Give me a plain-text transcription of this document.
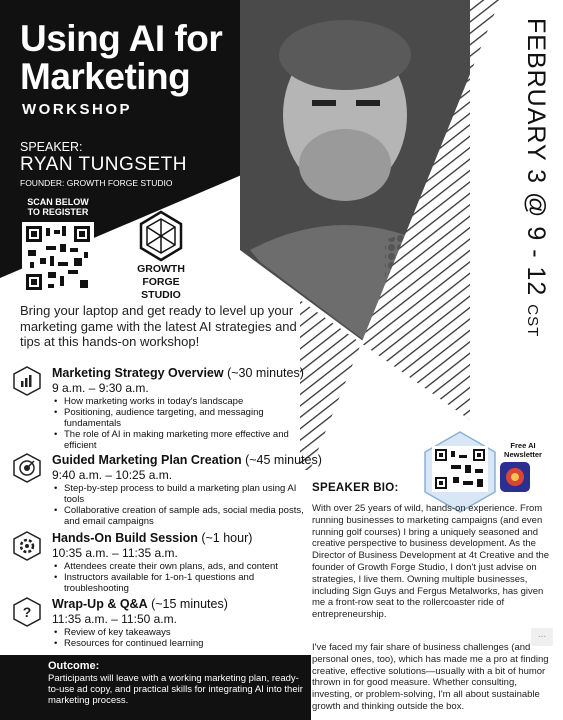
Using AI for
Marketing
WORKSHOP
SPEAKER:
RYAN TUNGSETH
FOUNDER: GROWTH FORGE STUDIO
SCAN BELOW TO REGISTER
GROWTH
FORGE
STUDIO
Bring your laptop and get ready to level up your marketing game with the latest AI strategies and tips at this hands-on workshop!
Marketing Strategy Overview (~30 minutes)
9 a.m. – 9:30 a.m.
• How marketing works in today's landscape
• Positioning, audience targeting, and messaging fundamentals
• The role of AI in making marketing more effective and efficient
Guided Marketing Plan Creation (~45 minutes)
9:40 a.m. – 10:25 a.m.
• Step-by-step process to build a marketing plan using AI tools
• Collaborative creation of sample ads, social media posts, and email campaigns
Hands-On Build Session (~1 hour)
10:35 a.m. – 11:35 a.m.
• Attendees create their own plans, ads, and content
• Instructors available for 1-on-1 questions and troubleshooting
? Wrap-Up & Q&A (~15 minutes)
11:35 a.m. – 11:50 a.m.
• Review of key takeaways
• Resources for continued learning
Outcome:
Participants will leave with a working marketing plan, ready-to-use ad copy, and practical skills for integrating AI into their marketing process.
FEBRUARY 3 @ 9 - 12 CST
Free AI Newsletter
SPEAKER BIO:
With over 25 years of wild, hands-on experience. From running businesses to marketing campaigns (and even running golf courses) I bring a uniquely seasoned and creative perspective to business development. As the Director of Business Development at 4t Creative and the founder of Growth Forge Studio, I don't just advise on strategies, I live them. Owning multiple businesses, including Sign Guys and Fergus Metalworks, has given me a front-row seat to the rollercoaster ride of entrepreneurship.
I've faced my fair share of business challenges (and personal ones, too), which has made me a pro at finding creative, effective solutions—usually with a bit of humor thrown in for good measure. Whether consulting, investing, or problem-solving, I'm all about sustainable growth and thinking outside the box.
...
